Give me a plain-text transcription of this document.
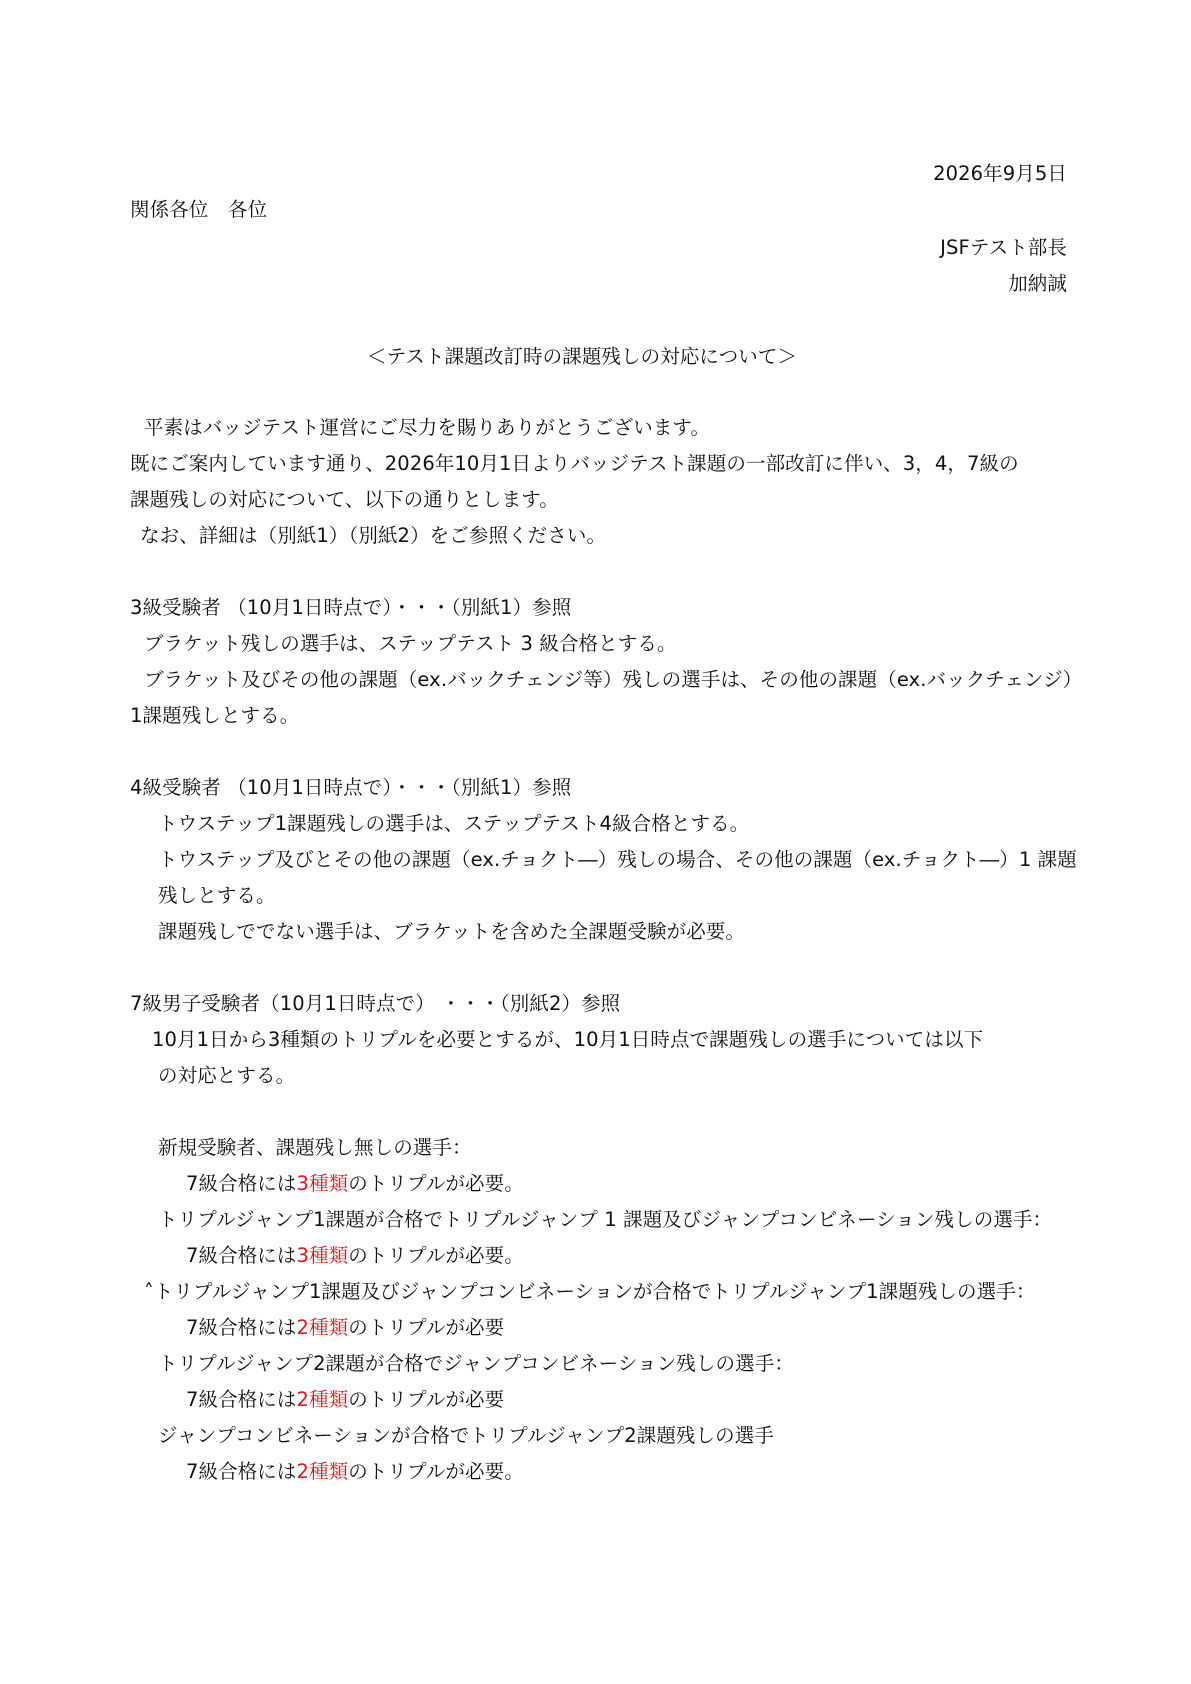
2026年9月5日
関係各位　各位
JSFテスト部長
加納誠
＜テスト課題改訂時の課題残しの対応について＞
平素はバッジテスト運営にご尽力を賜りありがとうございます。
既にご案内しています通り、2026年10月1日よりバッジテスト課題の一部改訂に伴い、3，4，7級の
課題残しの対応について、以下の通りとします。
なお、詳細は（別紙1）（別紙2）をご参照ください。
3級受験者 （10月1日時点で）・・・（別紙1）参照
ブラケット残しの選手は、ステップテスト 3 級合格とする。
ブラケット及びその他の課題（ex.バックチェンジ等）残しの選手は、その他の課題（ex.バックチェンジ）
1課題残しとする。
4級受験者 （10月1日時点で）・・・（別紙1）参照
トウステップ1課題残しの選手は、ステップテスト4級合格とする。
トウステップ及びとその他の課題（ex.チョクト―）残しの場合、その他の課題（ex.チョクト―）1 課題
残しとする。
課題残しででない選手は、ブラケットを含めた全課題受験が必要。
7級男子受験者（10月1日時点で） ・・・（別紙2）参照
10月1日から3種類のトリプルを必要とするが、10月1日時点で課題残しの選手については以下
の対応とする。
新規受験者、課題残し無しの選手：
7級合格には3種類のトリプルが必要。
トリプルジャンプ1課題が合格でトリプルジャンプ 1 課題及びジャンプコンビネーション残しの選手：
7級合格には3種類のトリプルが必要。
˄トリプルジャンプ1課題及びジャンプコンビネーションが合格でトリプルジャンプ1課題残しの選手：
7級合格には2種類のトリプルが必要
トリプルジャンプ2課題が合格でジャンプコンビネーション残しの選手：
7級合格には2種類のトリプルが必要
ジャンプコンビネーションが合格でトリプルジャンプ2課題残しの選手
7級合格には2種類のトリプルが必要。
